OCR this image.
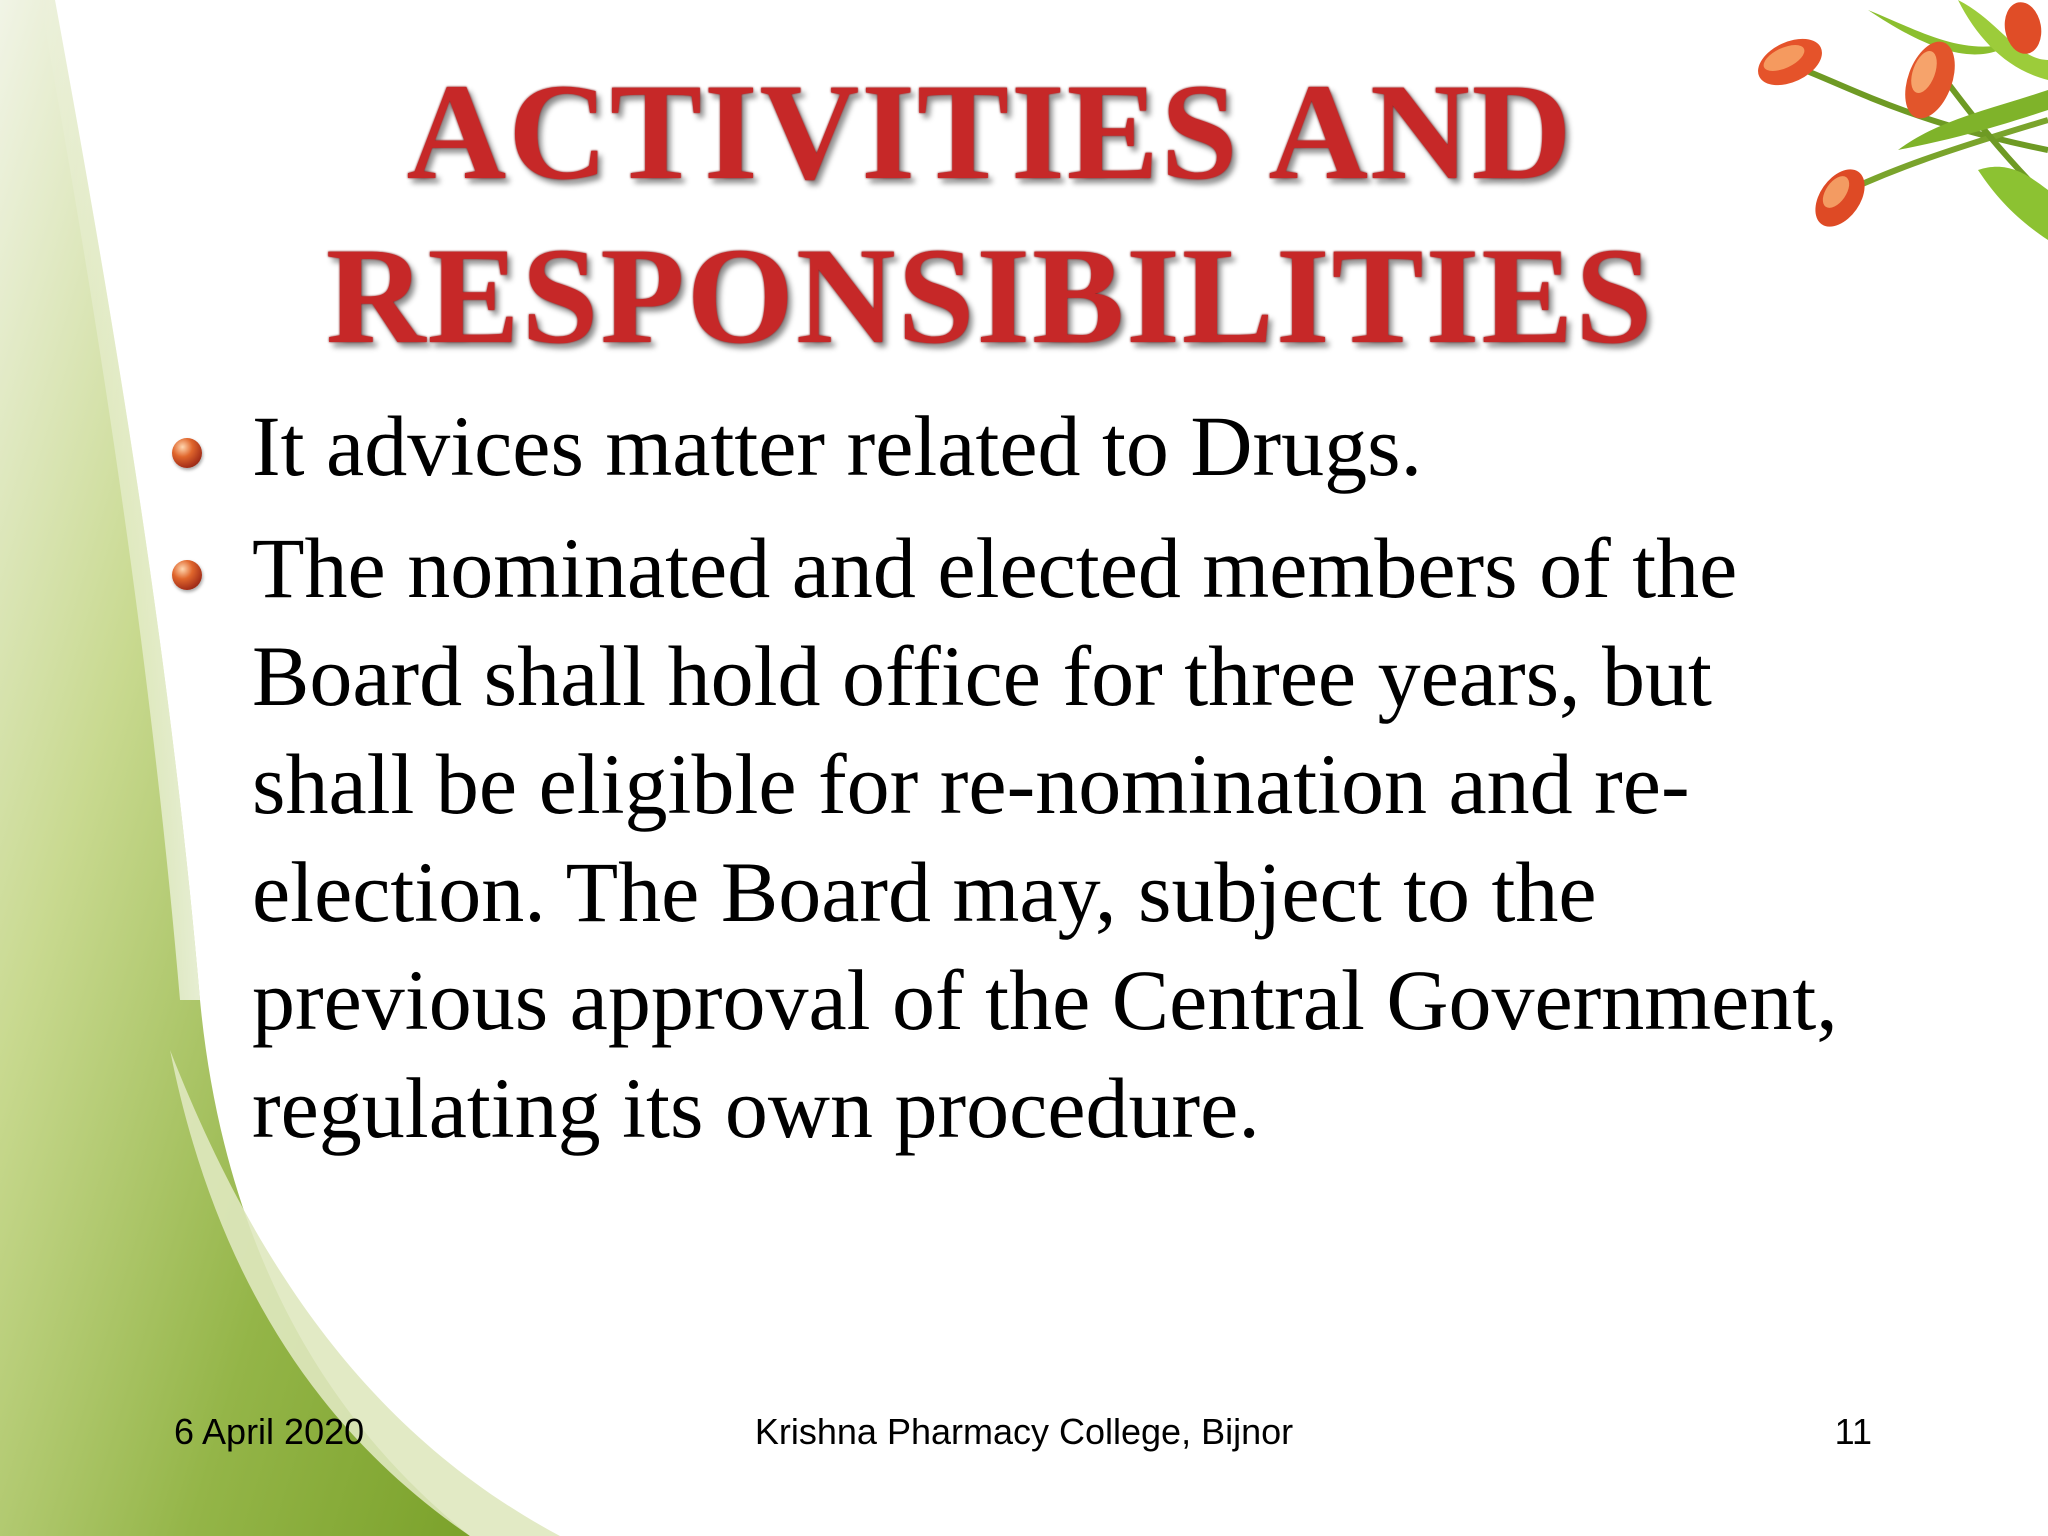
ACTIVITIES AND
RESPONSIBILITIES
It advices matter related to Drugs.
The nominated and elected members of the Board shall hold office for three years, but shall be eligible for re-nomination and re-election. The Board may, subject to the previous approval of the Central Government, regulating its own procedure.
6 April 2020	Krishna Pharmacy College, Bijnor	11
